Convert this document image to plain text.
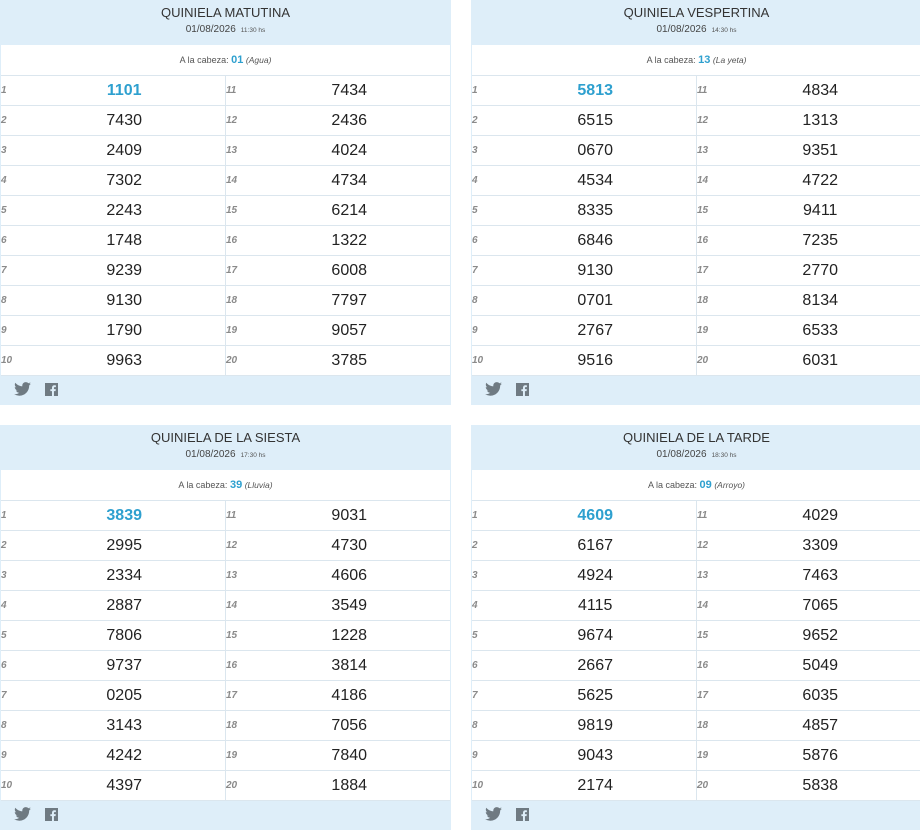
QUINIELA MATUTINA
01/08/2026 11:30 hs
A la cabeza: 01 (Agua)
1	1101	11	7434
2	7430	12	2436
3	2409	13	4024
4	7302	14	4734
5	2243	15	6214
6	1748	16	1322
7	9239	17	6008
8	9130	18	7797
9	1790	19	9057
10	9963	20	3785
QUINIELA VESPERTINA
01/08/2026 14:30 hs
A la cabeza: 13 (La yeta)
1	5813	11	4834
2	6515	12	1313
3	0670	13	9351
4	4534	14	4722
5	8335	15	9411
6	6846	16	7235
7	9130	17	2770
8	0701	18	8134
9	2767	19	6533
10	9516	20	6031
QUINIELA DE LA SIESTA
01/08/2026 17:30 hs
A la cabeza: 39 (Lluvia)
1	3839	11	9031
2	2995	12	4730
3	2334	13	4606
4	2887	14	3549
5	7806	15	1228
6	9737	16	3814
7	0205	17	4186
8	3143	18	7056
9	4242	19	7840
10	4397	20	1884
QUINIELA DE LA TARDE
01/08/2026 18:30 hs
A la cabeza: 09 (Arroyo)
1	4609	11	4029
2	6167	12	3309
3	4924	13	7463
4	4115	14	7065
5	9674	15	9652
6	2667	16	5049
7	5625	17	6035
8	9819	18	4857
9	9043	19	5876
10	2174	20	5838
